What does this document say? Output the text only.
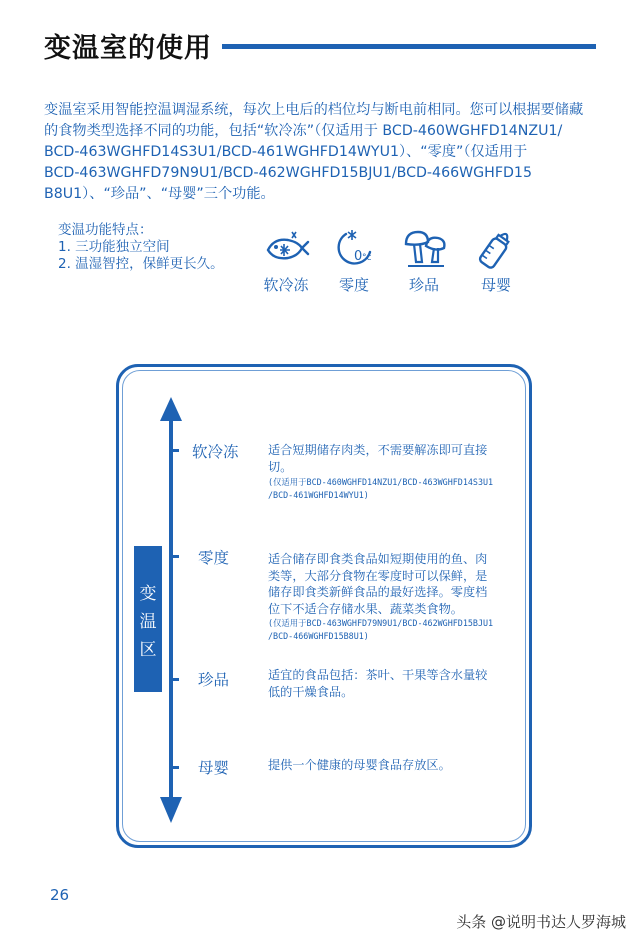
变温室的使用
变温室采用智能控温调湿系统，每次上电后的档位均与断电前相同。您可以根据要储藏
的食物类型选择不同的功能，包括“软冷冻”（仅适用于 BCD-460WGHFD14NZU1/
BCD-463WGHFD14S3U1/BCD-461WGHFD14WYU1）、“零度”（仅适用于
BCD-463WGHFD79N9U1/BCD-462WGHFD15BJU1/BCD-466WGHFD15
B8U1）、“珍品”、“母婴”三个功能。
变温功能特点：
1. 三功能独立空间
2. 温湿智控，保鲜更长久。
软冷冻
0 °c
零度	珍品	母婴
变
温
区
软冷冻 适合短期储存肉类，不需要解冻即可直接
切。
(仅适用于BCD-460WGHFD14NZU1/BCD-463WGHFD14S3U1
/BCD-461WGHFD14WYU1)
零度	适合储存即食类食品如短期使用的鱼、肉
类等，大部分食物在零度时可以保鲜，是
储存即食类新鲜食品的最好选择。零度档
位下不适合存储水果、蔬菜类食物。
(仅适用于BCD-463WGHFD79N9U1/BCD-462WGHFD15BJU1
/BCD-466WGHFD15B8U1)
珍品	适宜的食品包括：茶叶、干果等含水量较
低的干燥食品。
母婴	提供一个健康的母婴食品存放区。
26
头条 @说明书达人罗海城
